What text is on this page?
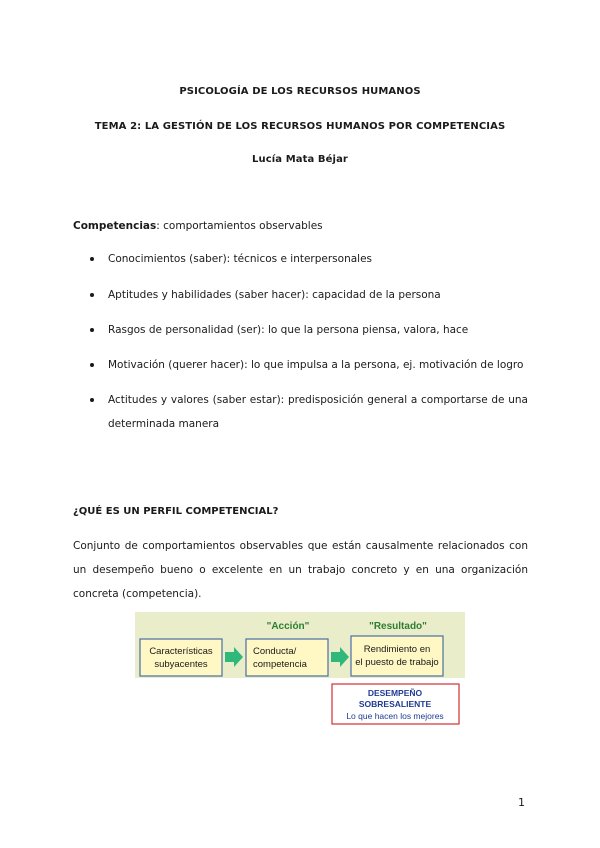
PSICOLOGÍA DE LOS RECURSOS HUMANOS
TEMA 2: LA GESTIÓN DE LOS RECURSOS HUMANOS POR COMPETENCIAS
Lucía Mata Béjar
Competencias: comportamientos observables
Conocimientos (saber): técnicos e interpersonales
Aptitudes y habilidades (saber hacer): capacidad de la persona
Rasgos de personalidad (ser): lo que la persona piensa, valora, hace
Motivación (querer hacer): lo que impulsa a la persona, ej. motivación de logro
Actitudes y valores (saber estar): predisposición general a comportarse de una determinada manera
¿QUÉ ES UN PERFIL COMPETENCIAL?
Conjunto de comportamientos observables que están causalmente relacionados con un desempeño bueno o excelente en un trabajo concreto y en una organización concreta (competencia).
"Acción"	"Resultado"
Características
subyacentes
Conducta/
competencia
Rendimiento en
el puesto de trabajo
DESEMPEÑO
SOBRESALIENTE
Lo que hacen los mejores
1
